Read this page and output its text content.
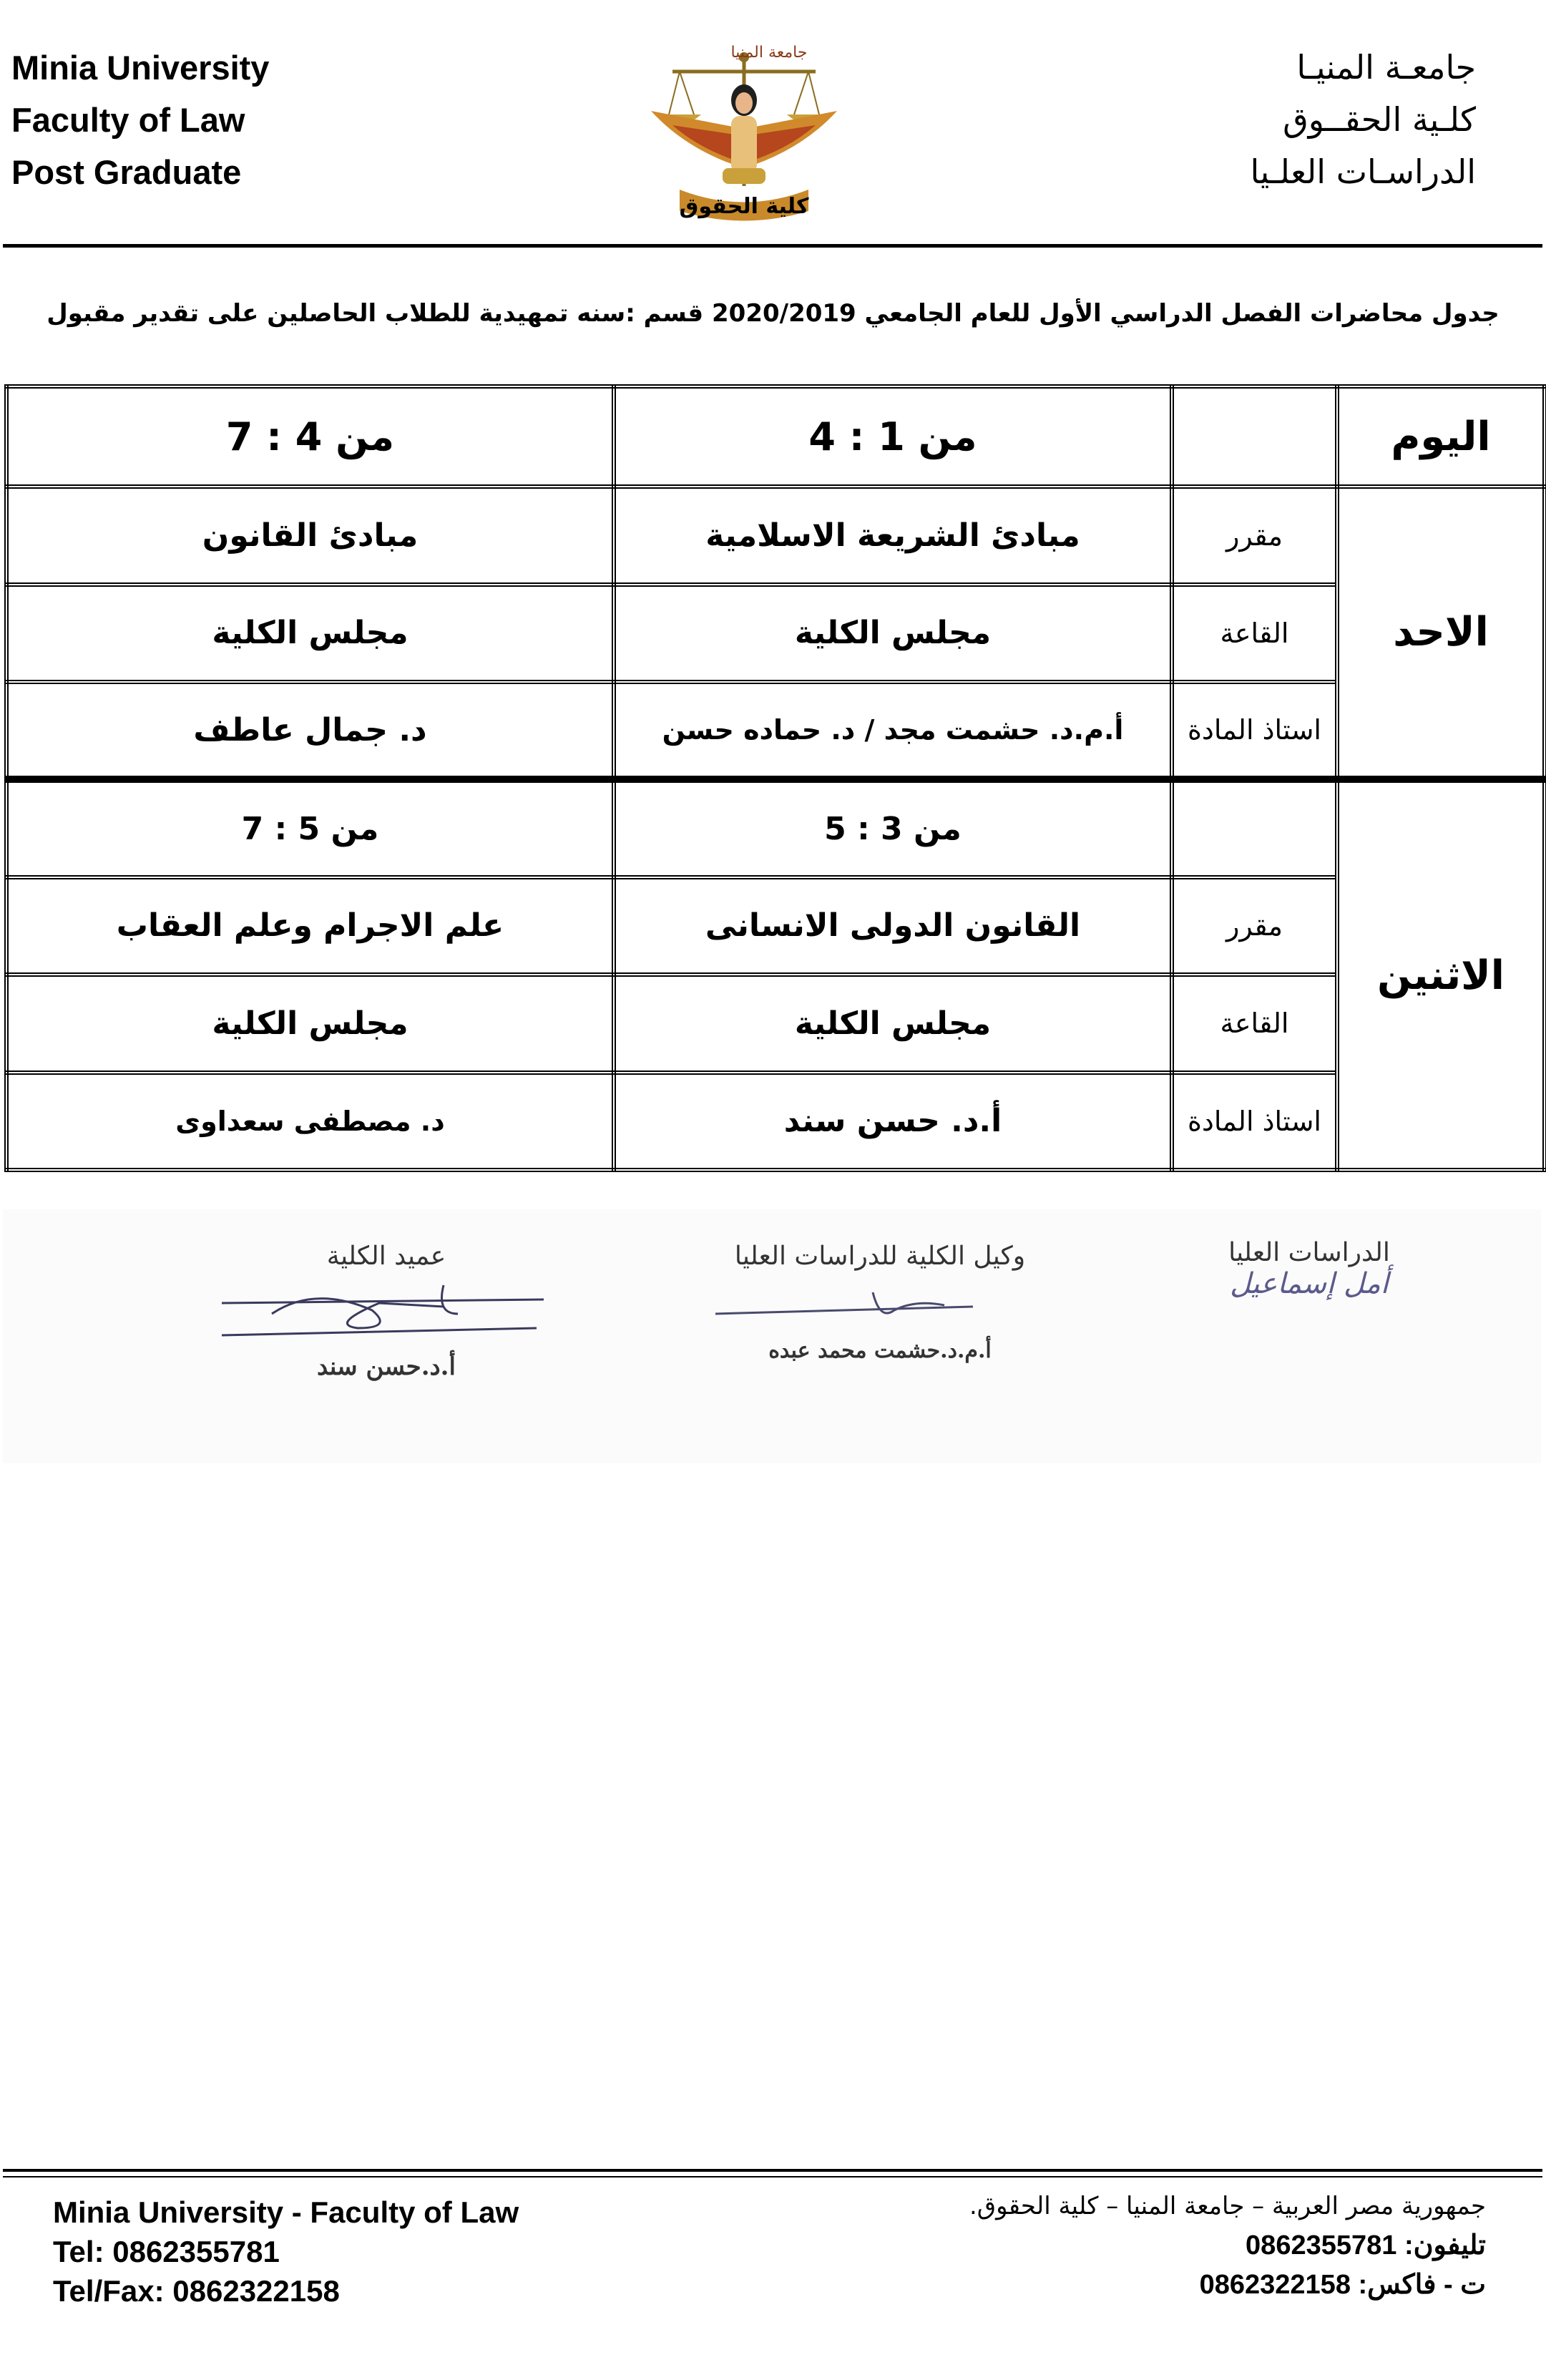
Minia University
Faculty of Law
Post Graduate
كلية الحقوق
جامعة المنيا	جامعـة المنيـا
كلـية الحقــوق
الدراسـات العلـيا
جدول محاضرات الفصل الدراسي الأول للعام الجامعي 2020/2019 قسم :سنه تمهيدية للطلاب الحاصلين على تقدير مقبول
اليوم		من 1 : 4	من 4 : 7
الاحد	مقرر	مبادئ الشريعة الاسلامية	مبادئ القانون
	القاعة	مجلس الكلية	مجلس الكلية
	استاذ المادة	أ.م.د. حشمت مجد / د. حماده حسن	د. جمال عاطف
الاثنين		من 3 : 5	من 5 : 7
	مقرر	القانون الدولى الانسانى	علم الاجرام وعلم العقاب
	القاعة	مجلس الكلية	مجلس الكلية
	استاذ المادة	أ.د. حسن سند	د. مصطفى سعداوى
الدراسات العليا
أمل إسماعيل
وكيل الكلية للدراسات العليا
أ.م.د.حشمت محمد عبده
عميد الكلية
أ.د.حسن سند
Minia University - Faculty of Law
Tel: 0862355781
Tel/Fax: 0862322158
جمهورية مصر العربية – جامعة المنيا – كلية الحقوق.
تليفون: 0862355781
ت - فاكس: 0862322158
